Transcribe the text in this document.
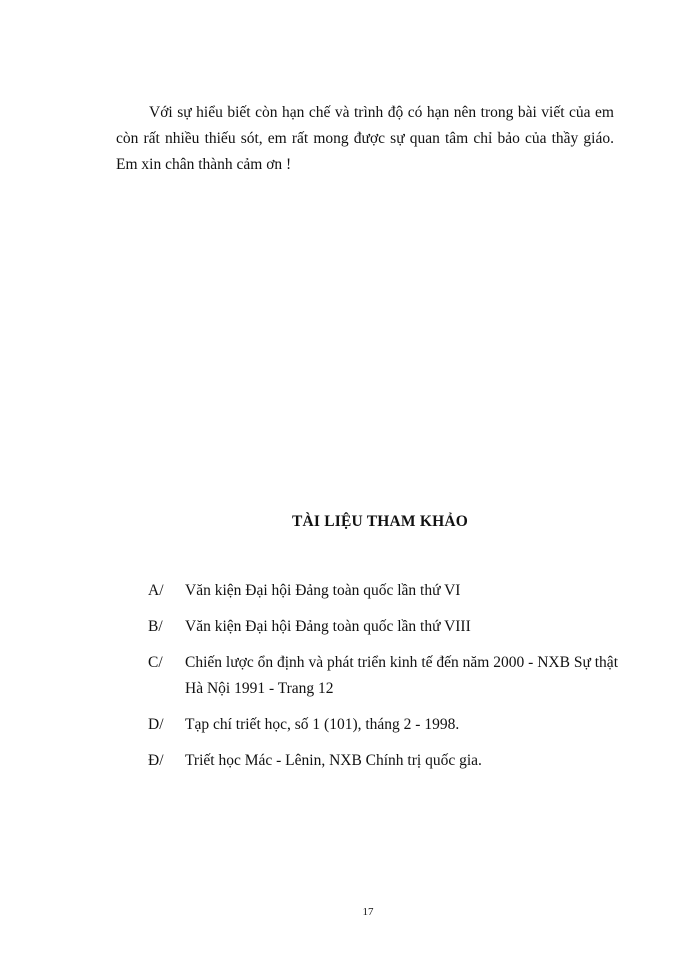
Với sự hiểu biết còn hạn chế và trình độ có hạn nên trong bài viết của em còn rất nhiều thiếu sót, em rất mong được sự quan tâm chỉ bảo của thầy giáo. Em xin chân thành cảm ơn !

TÀI LIỆU THAM KHẢO
A/	Văn kiện Đại hội Đảng toàn quốc lần thứ VI
B/	Văn kiện Đại hội Đảng toàn quốc lần thứ VIII
C/	Chiến lược ổn định và phát triển kinh tế đến năm 2000 - NXB Sự thật Hà Nội 1991 - Trang 12
D/	Tạp chí triết học, số 1 (101), tháng 2 - 1998.
Đ/	Triết học Mác - Lênin, NXB Chính trị quốc gia.

17
